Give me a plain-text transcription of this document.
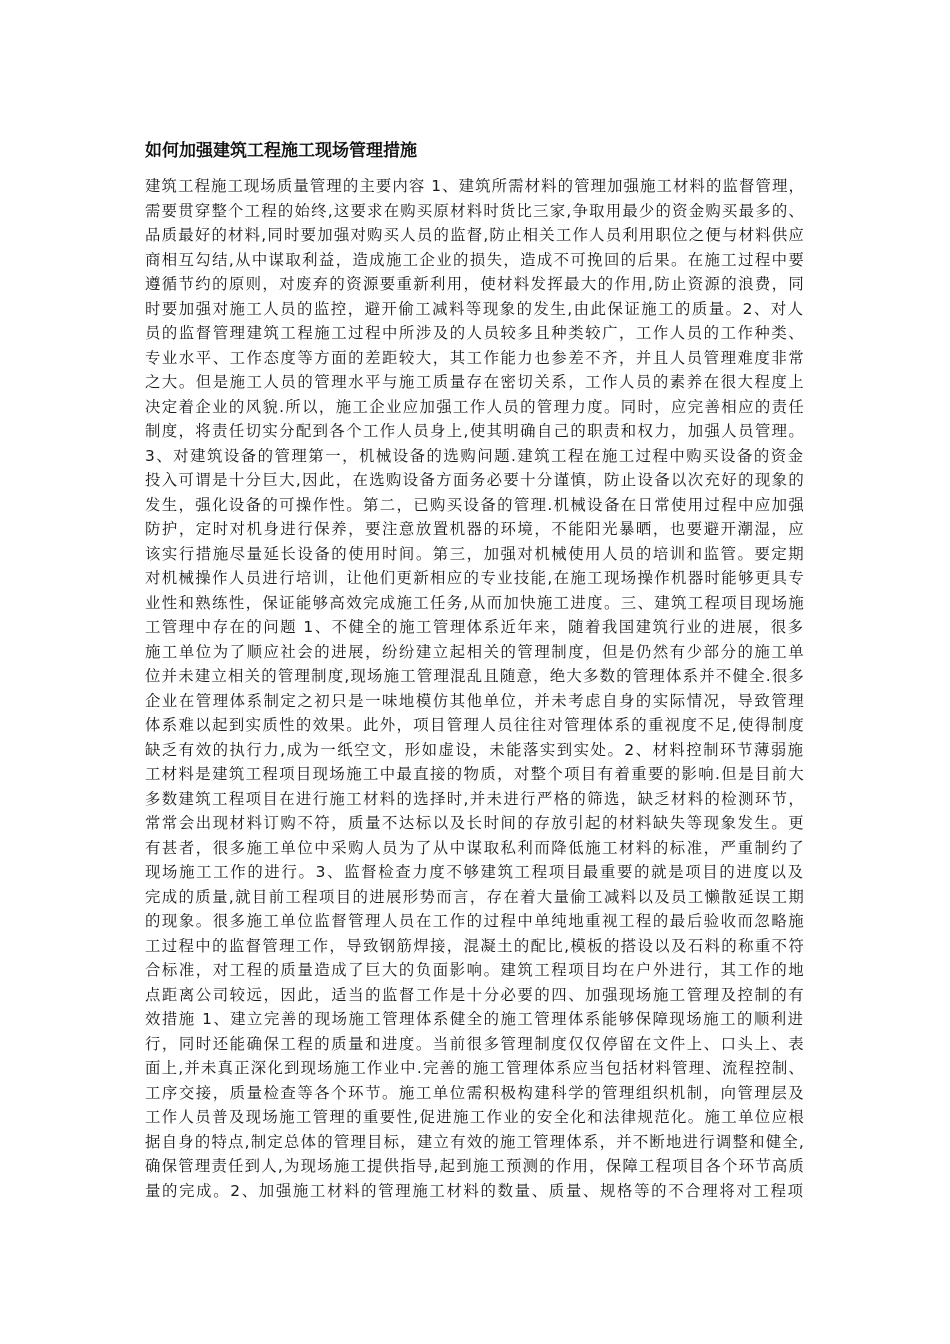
如何加强建筑工程施工现场管理措施
建筑工程施工现场质量管理的主要内容 1、建筑所需材料的管理加强施工材料的监督管理，
需要贯穿整个工程的始终,这要求在购买原材料时货比三家,争取用最少的资金购买最多的、
品质最好的材料,同时要加强对购买人员的监督,防止相关工作人员利用职位之便与材料供应
商相互勾结,从中谋取利益，造成施工企业的损失，造成不可挽回的后果。在施工过程中要
遵循节约的原则，对废弃的资源要重新利用，使材料发挥最大的作用,防止资源的浪费，同
时要加强对施工人员的监控，避开偷工减料等现象的发生,由此保证施工的质量。2、对人
员的监督管理建筑工程施工过程中所涉及的人员较多且种类较广，工作人员的工作种类、
专业水平、工作态度等方面的差距较大，其工作能力也参差不齐，并且人员管理难度非常
之大。但是施工人员的管理水平与施工质量存在密切关系，工作人员的素养在很大程度上
决定着企业的风貌.所以，施工企业应加强工作人员的管理力度。同时，应完善相应的责任
制度，将责任切实分配到各个工作人员身上,使其明确自己的职责和权力，加强人员管理。
3、对建筑设备的管理第一，机械设备的选购问题.建筑工程在施工过程中购买设备的资金
投入可谓是十分巨大,因此，在选购设备方面务必要十分谨慎，防止设备以次充好的现象的
发生，强化设备的可操作性。第二，已购买设备的管理.机械设备在日常使用过程中应加强
防护，定时对机身进行保养，要注意放置机器的环境，不能阳光暴晒，也要避开潮湿，应
该实行措施尽量延长设备的使用时间。第三，加强对机械使用人员的培训和监管。要定期
对机械操作人员进行培训，让他们更新相应的专业技能,在施工现场操作机器时能够更具专
业性和熟练性，保证能够高效完成施工任务,从而加快施工进度。三、建筑工程项目现场施
工管理中存在的问题 1、不健全的施工管理体系近年来，随着我国建筑行业的进展，很多
施工单位为了顺应社会的进展，纷纷建立起相关的管理制度，但是仍然有少部分的施工单
位并未建立相关的管理制度,现场施工管理混乱且随意，绝大多数的管理体系并不健全.很多
企业在管理体系制定之初只是一味地模仿其他单位，并未考虑自身的实际情况，导致管理
体系难以起到实质性的效果。此外，项目管理人员往往对管理体系的重视度不足,使得制度
缺乏有效的执行力,成为一纸空文，形如虚设，未能落实到实处。2、材料控制环节薄弱施
工材料是建筑工程项目现场施工中最直接的物质，对整个项目有着重要的影响.但是目前大
多数建筑工程项目在进行施工材料的选择时,并未进行严格的筛选，缺乏材料的检测环节，
常常会出现材料订购不符，质量不达标以及长时间的存放引起的材料缺失等现象发生。更
有甚者，很多施工单位中采购人员为了从中谋取私利而降低施工材料的标准，严重制约了
现场施工工作的进行。3、监督检查力度不够建筑工程项目最重要的就是项目的进度以及
完成的质量,就目前工程项目的进展形势而言，存在着大量偷工减料以及员工懒散延误工期
的现象。很多施工单位监督管理人员在工作的过程中单纯地重视工程的最后验收而忽略施
工过程中的监督管理工作，导致钢筋焊接，混凝土的配比,模板的搭设以及石料的称重不符
合标准，对工程的质量造成了巨大的负面影响。建筑工程项目均在户外进行，其工作的地
点距离公司较远，因此，适当的监督工作是十分必要的四、加强现场施工管理及控制的有
效措施 1、建立完善的现场施工管理体系健全的施工管理体系能够保障现场施工的顺利进
行，同时还能确保工程的质量和进度。当前很多管理制度仅仅停留在文件上、口头上、表
面上,并未真正深化到现场施工作业中.完善的施工管理体系应当包括材料管理、流程控制、
工序交接，质量检查等各个环节。施工单位需积极构建科学的管理组织机制，向管理层及
工作人员普及现场施工管理的重要性,促进施工作业的安全化和法律规范化。施工单位应根
据自身的特点,制定总体的管理目标，建立有效的施工管理体系，并不断地进行调整和健全,
确保管理责任到人,为现场施工提供指导,起到施工预测的作用，保障工程项目各个环节高质
量的完成。2、加强施工材料的管理施工材料的数量、质量、规格等的不合理将对工程项
